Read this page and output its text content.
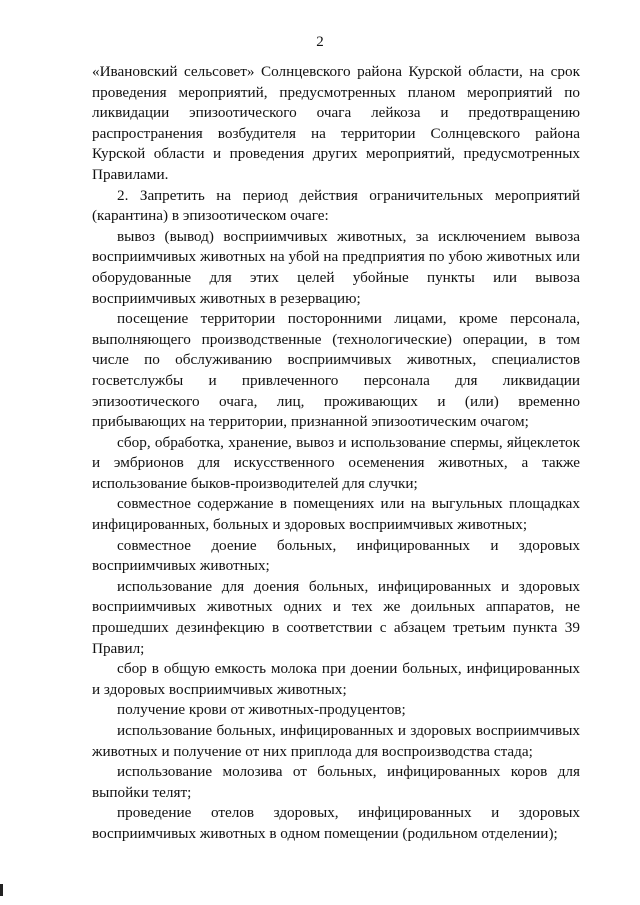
2

«Ивановский сельсовет» Солнцевского района Курской области, на срок проведения мероприятий, предусмотренных планом мероприятий по ликвидации эпизоотического очага лейкоза и предотвращению распространения возбудителя на территории Солнцевского района Курской области и проведения других мероприятий, предусмотренных Правилами.

2. Запретить на период действия ограничительных мероприятий (карантина) в эпизоотическом очаге:

вывоз (вывод) восприимчивых животных, за исключением вывоза восприимчивых животных на убой на предприятия по убою животных или оборудованные для этих целей убойные пункты или вывоза восприимчивых животных в резервацию;

посещение территории посторонними лицами, кроме персонала, выполняющего производственные (технологические) операции, в том числе по обслуживанию восприимчивых животных, специалистов госветслужбы и привлеченного персонала для ликвидации эпизоотического очага, лиц, проживающих и (или) временно прибывающих на территории, признанной эпизоотическим очагом;

сбор, обработка, хранение, вывоз и использование спермы, яйцеклеток и эмбрионов для искусственного осеменения животных, а также использование быков-производителей для случки;

совместное содержание в помещениях или на выгульных площадках инфицированных, больных и здоровых восприимчивых животных;

совместное доение больных, инфицированных и здоровых восприимчивых животных;

использование для доения больных, инфицированных и здоровых восприимчивых животных одних и тех же доильных аппаратов, не прошедших дезинфекцию в соответствии с абзацем третьим пункта 39 Правил;

сбор в общую емкость молока при доении больных, инфицированных и здоровых восприимчивых животных;

получение крови от животных-продуцентов;

использование больных, инфицированных и здоровых восприимчивых животных и получение от них приплода для воспроизводства стада;

использование молозива от больных, инфицированных коров для выпойки телят;

проведение отелов здоровых, инфицированных и здоровых восприимчивых животных в одном помещении (родильном отделении);
